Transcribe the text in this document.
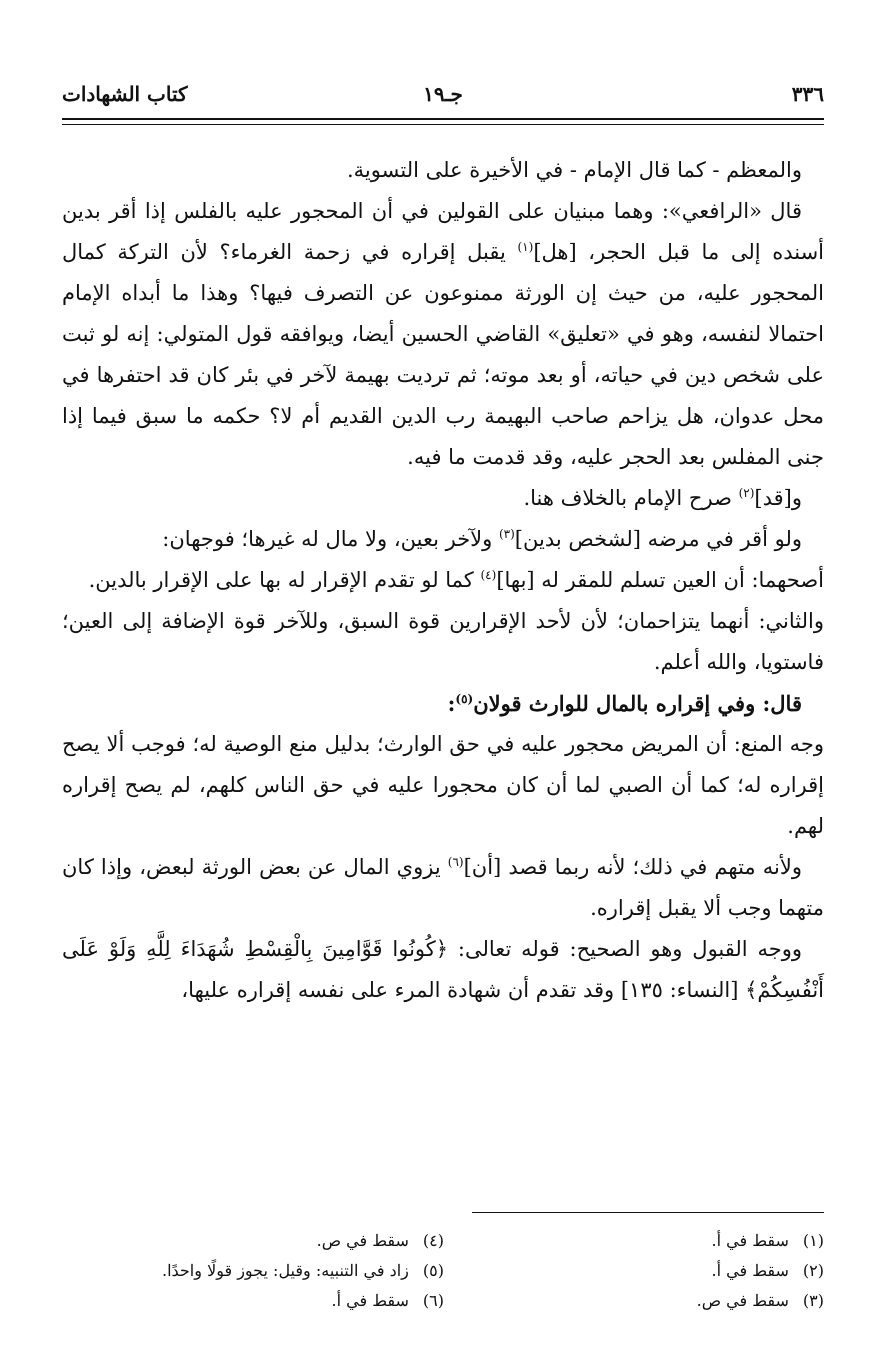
٣٣٦
جـ١٩
كتاب الشهادات

والمعظم - كما قال الإمام - في الأخيرة على التسوية.

قال «الرافعي»: وهما مبنيان على القولين في أن المحجور عليه بالفلس إذا أقر بدين أسنده إلى ما قبل الحجر، [هل]$^{(١)}$ يقبل إقراره في زحمة الغرماء؟ لأن التركة كمال المحجور عليه، من حيث إن الورثة ممنوعون عن التصرف فيها؟ وهذا ما أبداه الإمام احتمالا لنفسه، وهو في «تعليق» القاضي الحسين أيضا، ويوافقه قول المتولي: إنه لو ثبت على شخص دين في حياته، أو بعد موته؛ ثم ترديت بهيمة لآخر في بئر كان قد احتفرها في محل عدوان، هل يزاحم صاحب البهيمة رب الدين القديم أم لا؟ حكمه ما سبق فيما إذا جنى المفلس بعد الحجر عليه، وقد قدمت ما فيه.

و[قد]$^{(٢)}$ صرح الإمام بالخلاف هنا.

ولو أقر في مرضه [لشخص بدين]$^{(٣)}$ ولآخر بعين، ولا مال له غيرها؛ فوجهان:

أصحهما: أن العين تسلم للمقر له [بها]$^{(٤)}$ كما لو تقدم الإقرار له بها على الإقرار بالدين.

والثاني: أنهما يتزاحمان؛ لأن لأحد الإقرارين قوة السبق، وللآخر قوة الإضافة إلى العين؛ فاستويا، والله أعلم.

قال: وفي إقراره بالمال للوارث قولان$^{(٥)}$:

وجه المنع: أن المريض محجور عليه في حق الوارث؛ بدليل منع الوصية له؛ فوجب ألا يصح إقراره له؛ كما أن الصبي لما أن كان محجورا عليه في حق الناس كلهم، لم يصح إقراره لهم.

ولأنه متهم في ذلك؛ لأنه ربما قصد [أن]$^{(٦)}$ يزوي المال عن بعض الورثة لبعض، وإذا كان متهما وجب ألا يقبل إقراره.

ووجه القبول وهو الصحيح: قوله تعالى: ﴿كُونُوا قَوَّامِينَ بِالْقِسْطِ شُهَدَاءَ لِلَّهِ وَلَوْ عَلَى أَنْفُسِكُمْ﴾ [النساء: ١٣٥] وقد تقدم أن شهادة المرء على نفسه إقراره عليها،

(١) سقط في أ.
(٢) سقط في أ.
(٣) سقط في ص.
(٤) سقط في ص.
(٥) زاد في التنبيه: وقيل: يجوز قولًا واحدًا.
(٦) سقط في أ.
